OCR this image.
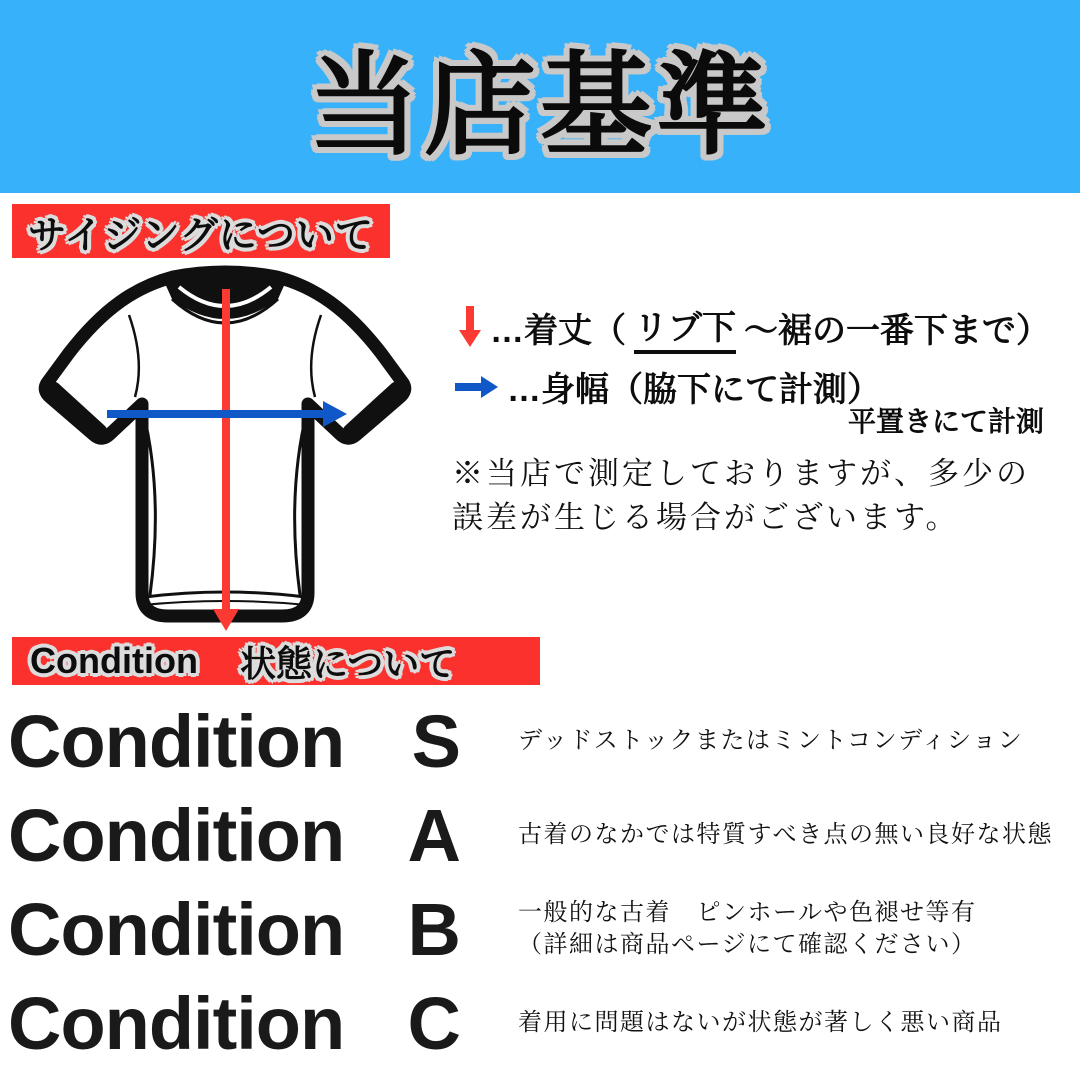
当店基準
サイジングについて
…着丈（ リブ下 ～裾の一番下まで）
…身幅（脇下にて計測）
平置きにて計測
※当店で測定しておりますが、多少の誤差が生じる場合がございます。
Condition 状態について
Condition S デッドストックまたはミントコンディション
Condition A 古着のなかでは特質すべき点の無い良好な状態
Condition B 一般的な古着　ピンホールや色褪せ等有
（詳細は商品ページにて確認ください）
Condition C 着用に問題はないが状態が著しく悪い商品
